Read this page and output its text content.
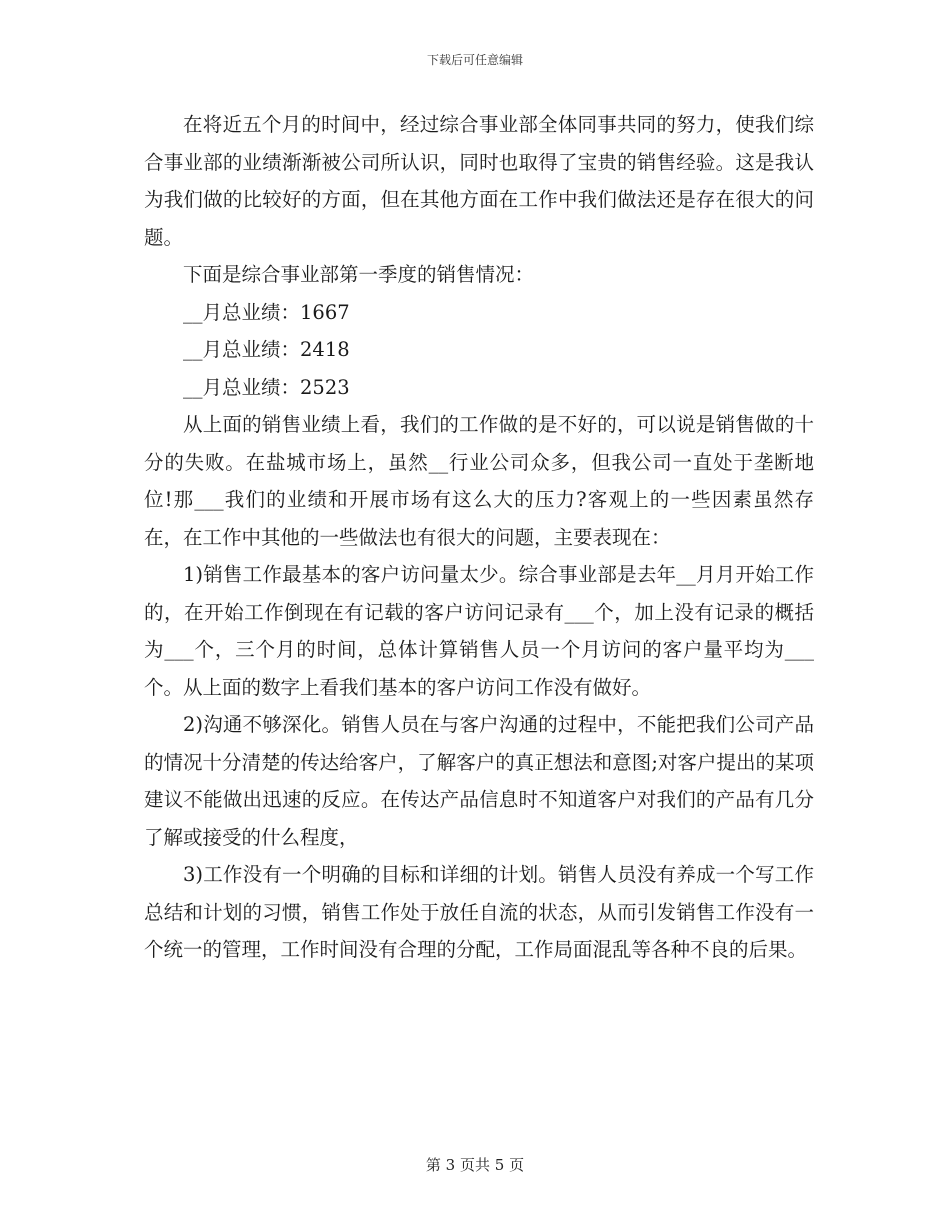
下载后可任意编辑

在将近五个月的时间中，经过综合事业部全体同事共同的努力，使我们综合事业部的业绩渐渐被公司所认识，同时也取得了宝贵的销售经验。这是我认为我们做的比较好的方面，但在其他方面在工作中我们做法还是存在很大的问题。

下面是综合事业部第一季度的销售情况：

__月总业绩：1667

__月总业绩：2418

__月总业绩：2523

从上面的销售业绩上看，我们的工作做的是不好的，可以说是销售做的十分的失败。在盐城市场上，虽然__行业公司众多，但我公司一直处于垄断地位!那___我们的业绩和开展市场有这么大的压力?客观上的一些因素虽然存在，在工作中其他的一些做法也有很大的问题，主要表现在：

1)销售工作最基本的客户访问量太少。综合事业部是去年__月月开始工作的，在开始工作倒现在有记载的客户访问记录有___个，加上没有记录的概括为___个，三个月的时间，总体计算销售人员一个月访问的客户量平均为___个。从上面的数字上看我们基本的客户访问工作没有做好。

2)沟通不够深化。销售人员在与客户沟通的过程中，不能把我们公司产品的情况十分清楚的传达给客户，了解客户的真正想法和意图;对客户提出的某项建议不能做出迅速的反应。在传达产品信息时不知道客户对我们的产品有几分了解或接受的什么程度，

3)工作没有一个明确的目标和详细的计划。销售人员没有养成一个写工作总结和计划的习惯，销售工作处于放任自流的状态，从而引发销售工作没有一个统一的管理，工作时间没有合理的分配，工作局面混乱等各种不良的后果。

第 3 页共 5 页
